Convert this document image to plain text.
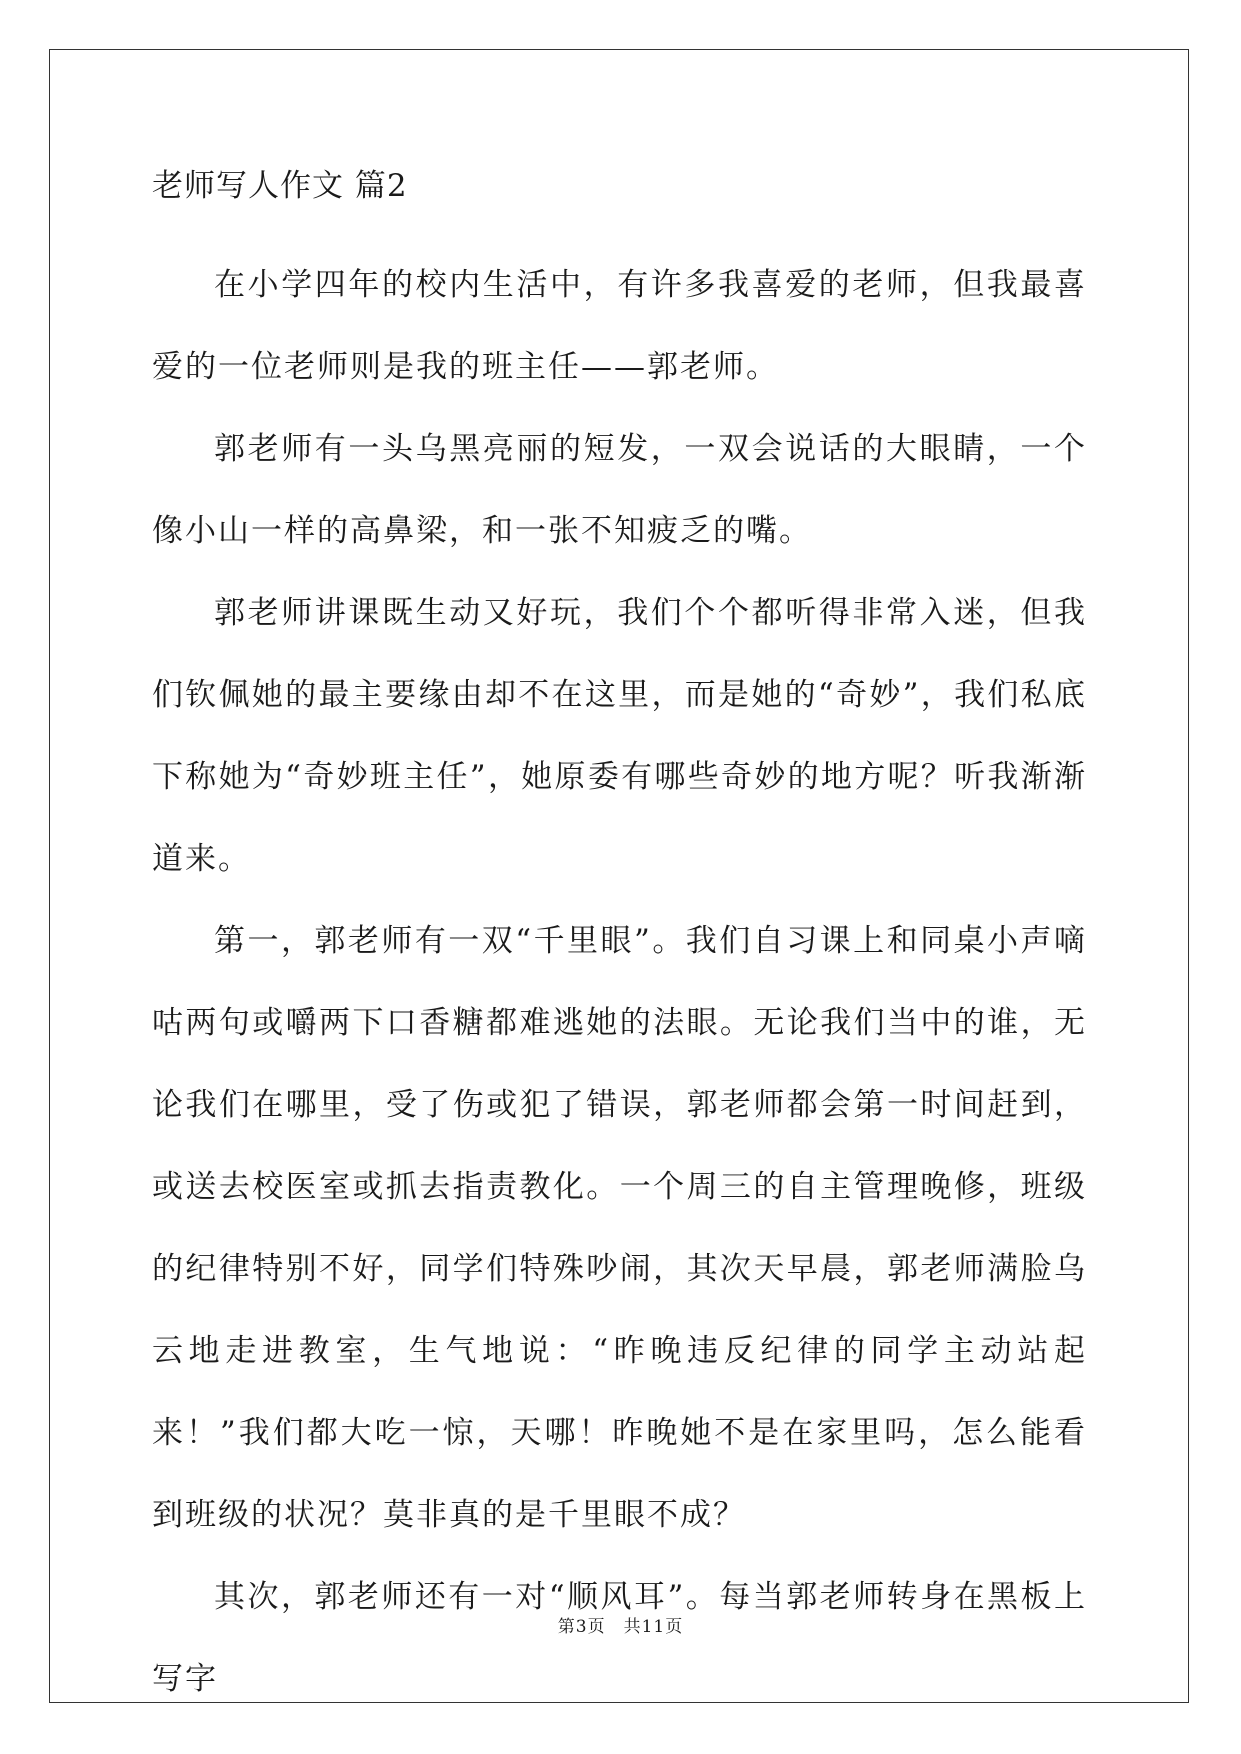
老师写人作文 篇2

在小学四年的校内生活中，有许多我喜爱的老师，但我最喜爱的一位老师则是我的班主任——郭老师。

郭老师有一头乌黑亮丽的短发，一双会说话的大眼睛，一个像小山一样的高鼻梁，和一张不知疲乏的嘴。

郭老师讲课既生动又好玩，我们个个都听得非常入迷，但我们钦佩她的最主要缘由却不在这里，而是她的“奇妙”，我们私底下称她为“奇妙班主任”，她原委有哪些奇妙的地方呢？听我渐渐道来。

第一，郭老师有一双“千里眼”。我们自习课上和同桌小声嘀咕两句或嚼两下口香糖都难逃她的法眼。无论我们当中的谁，无论我们在哪里，受了伤或犯了错误，郭老师都会第一时间赶到，或送去校医室或抓去指责教化。一个周三的自主管理晚修，班级的纪律特别不好，同学们特殊吵闹，其次天早晨，郭老师满脸乌云地走进教室，生气地说：“昨晚违反纪律的同学主动站起来！”我们都大吃一惊，天哪！昨晚她不是在家里吗，怎么能看到班级的状况？莫非真的是千里眼不成？

其次，郭老师还有一对“顺风耳”。每当郭老师转身在黑板上写字

第3页 共11页
